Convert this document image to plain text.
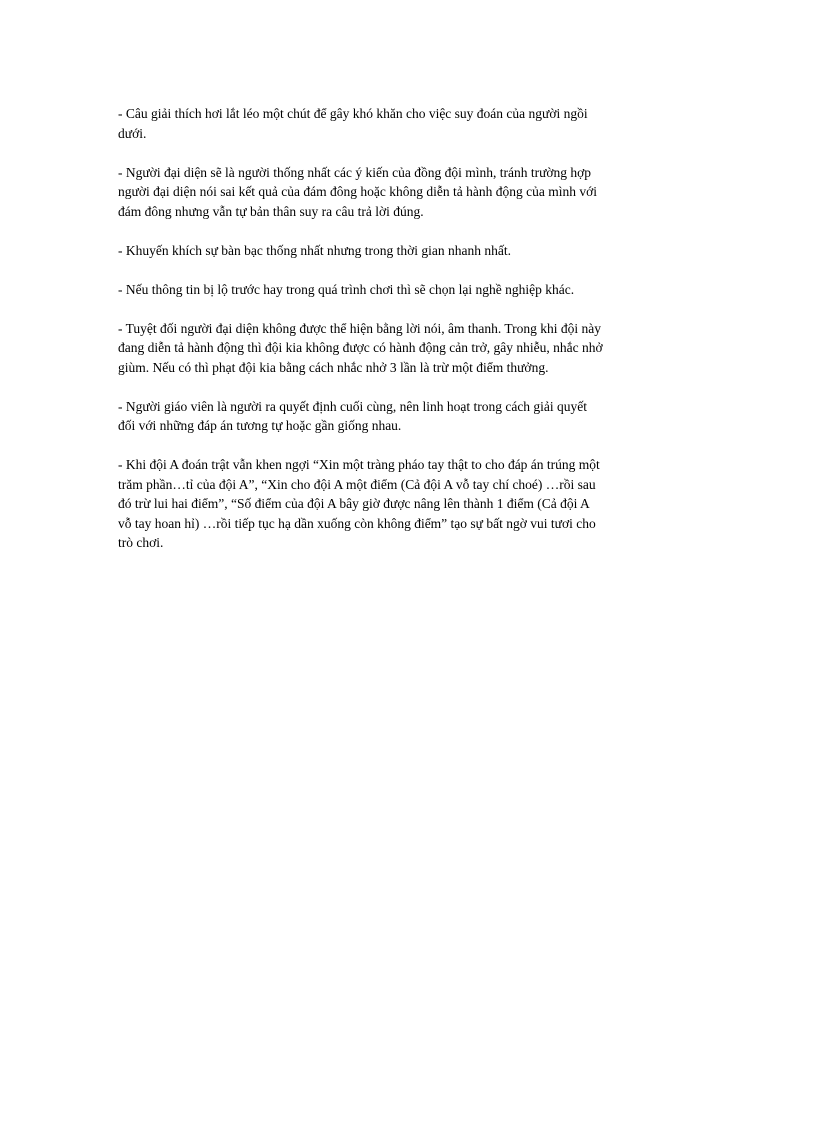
- Câu giải thích hơi lắt léo một chút để gây khó khăn cho việc suy đoán của người ngồi
dưới.

- Người đại diện sẽ là người thống nhất các ý kiến của đồng đội mình, tránh trường hợp
người đại diện nói sai kết quả của đám đông hoặc không diễn tả hành động của mình với
đám đông nhưng vẫn tự bản thân suy ra câu trả lời đúng.

- Khuyến khích sự bàn bạc thống nhất nhưng trong thời gian nhanh nhất.

- Nếu thông tin bị lộ trước hay trong quá trình chơi thì sẽ chọn lại nghề nghiệp khác.

- Tuyệt đối người đại diện không được thể hiện bằng lời nói, âm thanh. Trong khi đội này
đang diễn tả hành động thì đội kia không được có hành động cản trở, gây nhiễu, nhắc nhở
giùm. Nếu có thì phạt đội kia bằng cách nhắc nhở 3 lần là trừ một điểm thưởng.

- Người giáo viên là người ra quyết định cuối cùng, nên linh hoạt trong cách giải quyết
đối với những đáp án tương tự hoặc gần giống nhau.

- Khi đội A đoán trật vẫn khen ngợi “Xin một tràng pháo tay thật to cho đáp án trúng một
trăm phần…tỉ của đội A”, “Xin cho đội A một điểm (Cả đội A vỗ tay chí choé) …rồi sau
đó trừ lui hai điểm”, “Số điểm của đội A bây giờ được nâng lên thành 1 điểm (Cả đội A
vỗ tay hoan hỉ) …rồi tiếp tục hạ dần xuống còn không điểm” tạo sự bất ngờ vui tươi cho
trò chơi.
